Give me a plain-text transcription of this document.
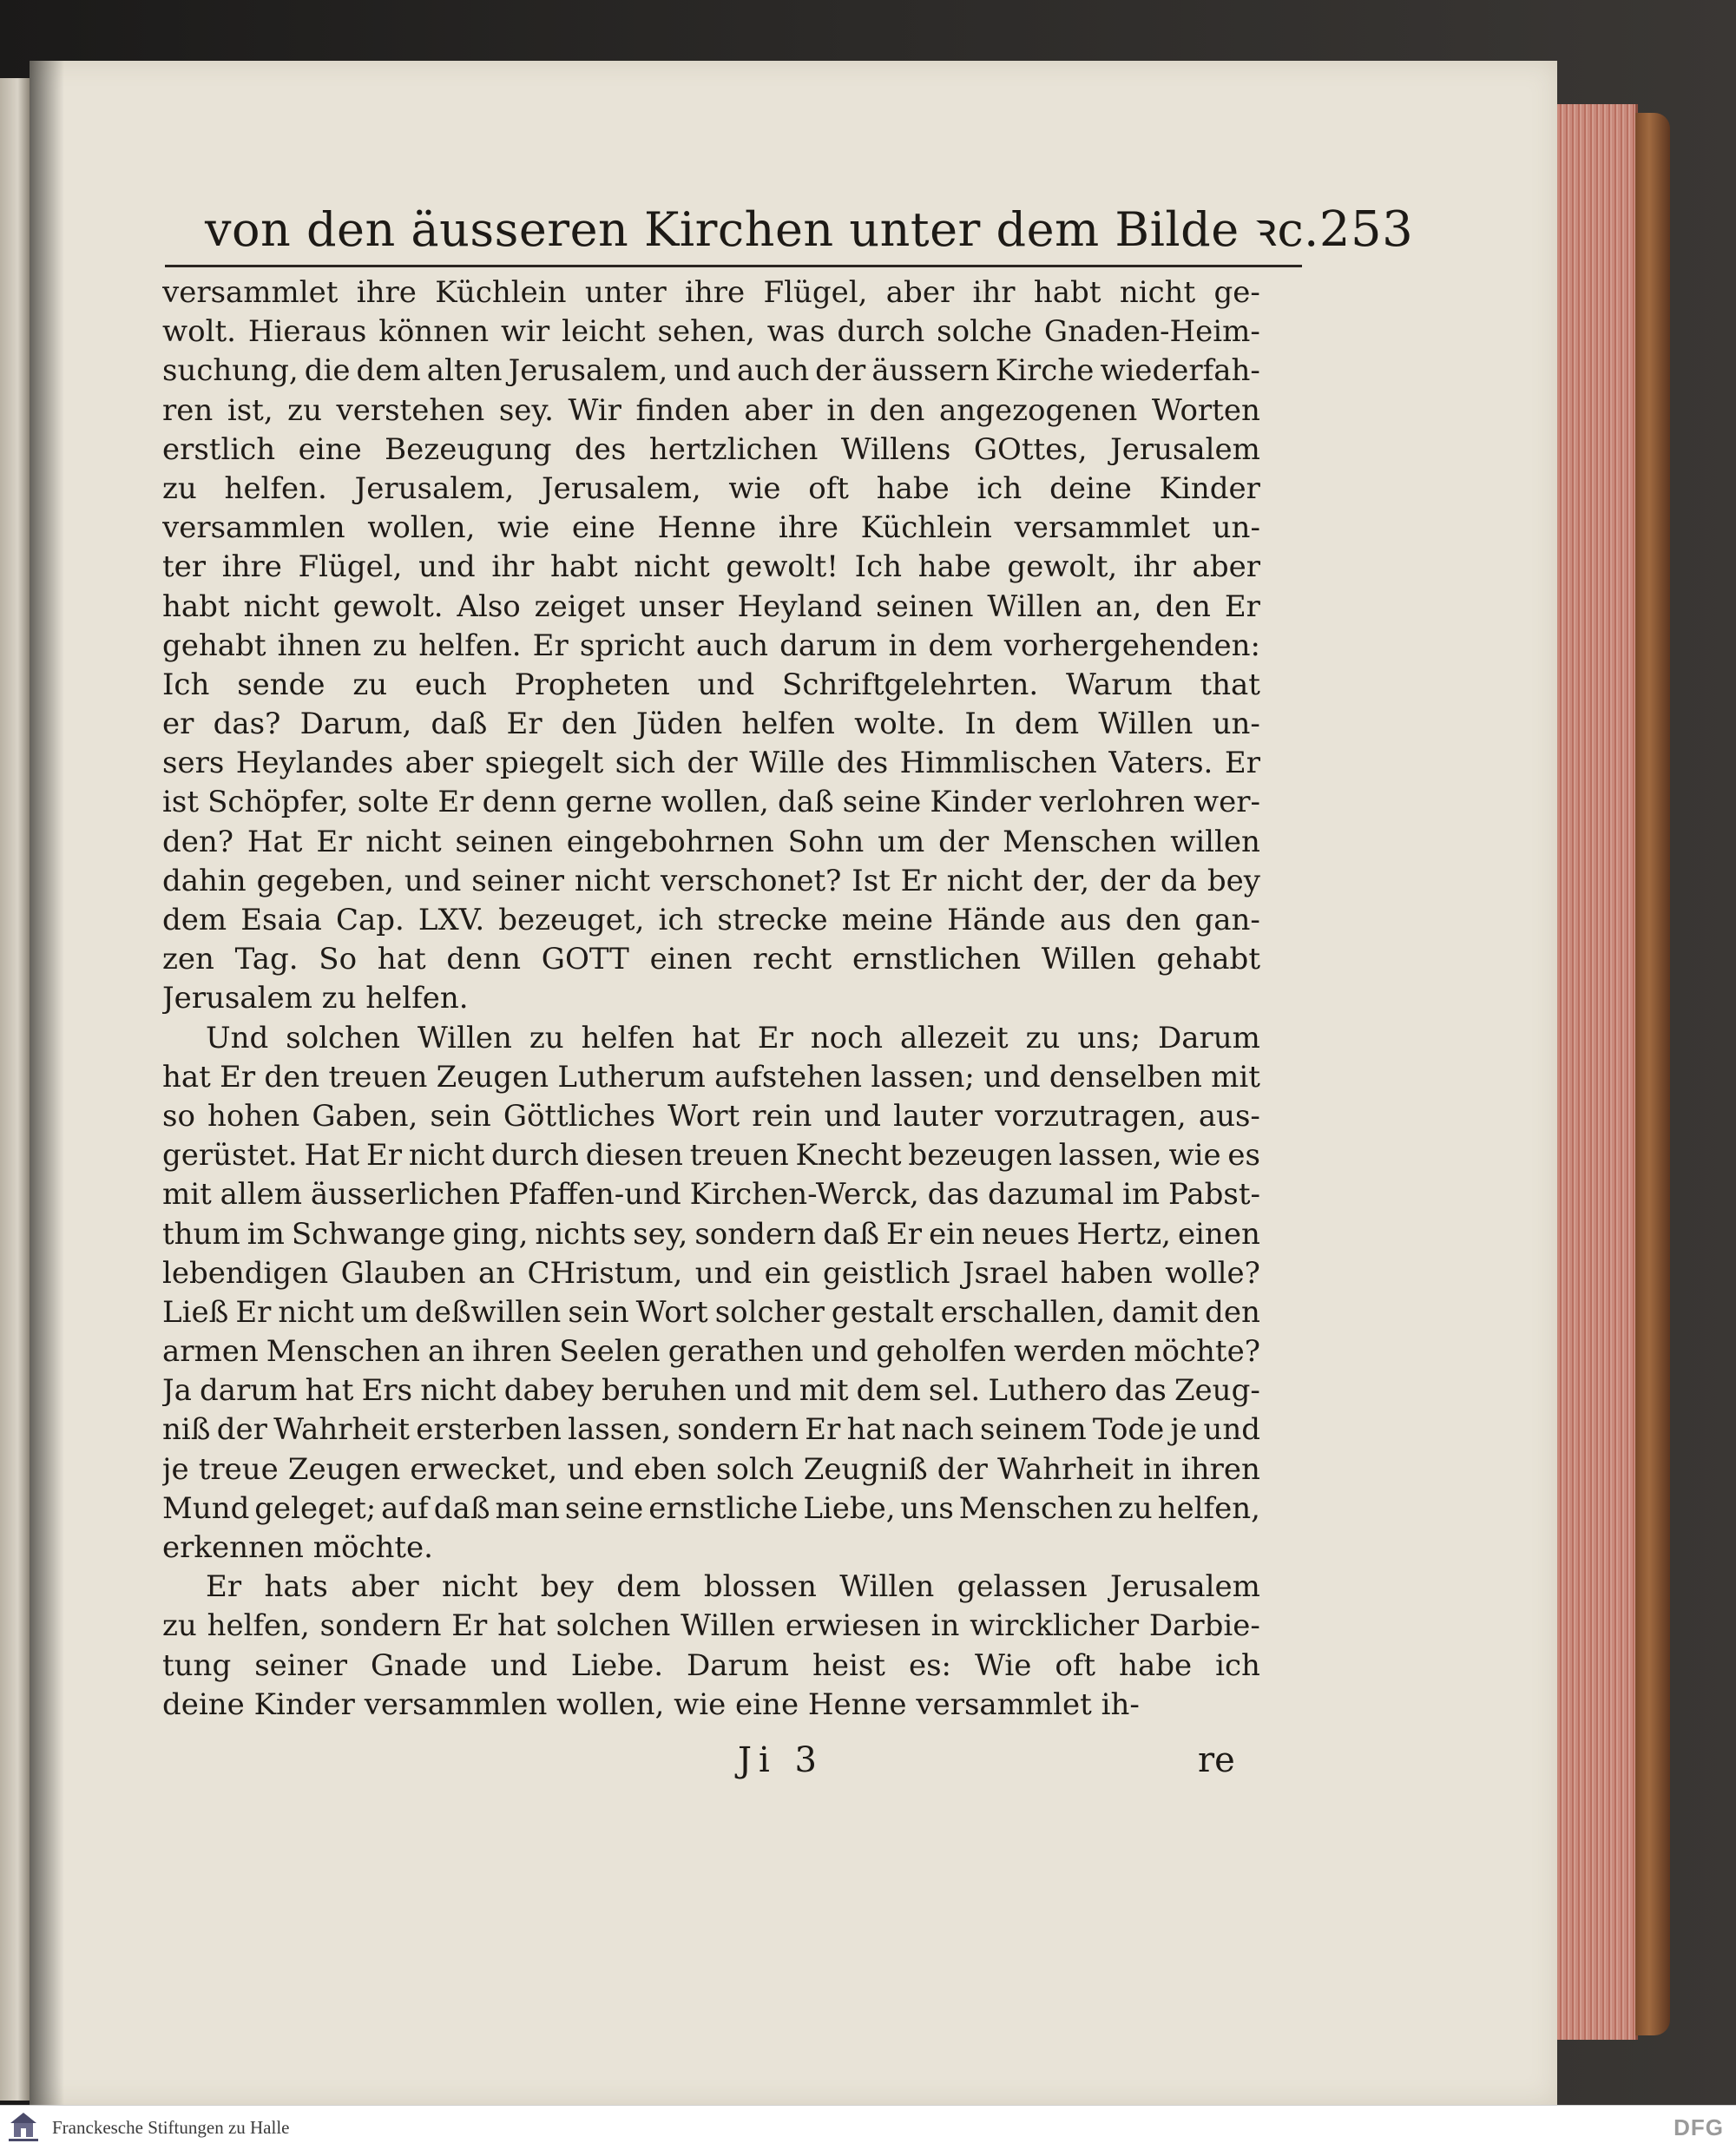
von den äusseren Kirchen unter dem Bilde ꝛc. 253
versammlet ihre Küchlein unter ihre Flügel, aber ihr habt nicht ge-
wolt. Hieraus können wir leicht sehen, was durch solche Gnaden-Heim-
suchung, die dem alten Jerusalem, und auch der äussern Kirche wiederfah-
ren ist, zu verstehen sey. Wir finden aber in den angezogenen Worten
erstlich eine Bezeugung des hertzlichen Willens GOttes, Jerusalem
zu helfen. Jerusalem, Jerusalem, wie oft habe ich deine Kinder
versammlen wollen, wie eine Henne ihre Küchlein versammlet un-
ter ihre Flügel, und ihr habt nicht gewolt! Ich habe gewolt, ihr aber
habt nicht gewolt. Also zeiget unser Heyland seinen Willen an, den Er
gehabt ihnen zu helfen. Er spricht auch darum in dem vorhergehenden:
Ich sende zu euch Propheten und Schriftgelehrten. Warum that
er das? Darum, daß Er den Jüden helfen wolte. In dem Willen un-
sers Heylandes aber spiegelt sich der Wille des Himmlischen Vaters. Er
ist Schöpfer, solte Er denn gerne wollen, daß seine Kinder verlohren wer-
den? Hat Er nicht seinen eingebohrnen Sohn um der Menschen willen
dahin gegeben, und seiner nicht verschonet? Ist Er nicht der, der da bey
dem Esaia Cap. LXV. bezeuget, ich strecke meine Hände aus den gan-
zen Tag. So hat denn GOTT einen recht ernstlichen Willen gehabt
Jerusalem zu helfen.
Und solchen Willen zu helfen hat Er noch allezeit zu uns; Darum
hat Er den treuen Zeugen Lutherum aufstehen lassen; und denselben mit
so hohen Gaben, sein Göttliches Wort rein und lauter vorzutragen, aus-
gerüstet. Hat Er nicht durch diesen treuen Knecht bezeugen lassen, wie es
mit allem äusserlichen Pfaffen-und Kirchen-Werck, das dazumal im Pabst-
thum im Schwange ging, nichts sey, sondern daß Er ein neues Hertz, einen
lebendigen Glauben an CHristum, und ein geistlich Jsrael haben wolle?
Ließ Er nicht um deßwillen sein Wort solcher gestalt erschallen, damit den
armen Menschen an ihren Seelen gerathen und geholfen werden möchte?
Ja darum hat Ers nicht dabey beruhen und mit dem sel. Luthero das Zeug-
niß der Wahrheit ersterben lassen, sondern Er hat nach seinem Tode je und
je treue Zeugen erwecket, und eben solch Zeugniß der Wahrheit in ihren
Mund geleget; auf daß man seine ernstliche Liebe, uns Menschen zu helfen,
erkennen möchte.
Er hats aber nicht bey dem blossen Willen gelassen Jerusalem
zu helfen, sondern Er hat solchen Willen erwiesen in wircklicher Darbie-
tung seiner Gnade und Liebe. Darum heist es: Wie oft habe ich
deine Kinder versammlen wollen, wie eine Henne versammlet ih-
Ji 3	re
Franckesche Stiftungen zu Halle	DFG
